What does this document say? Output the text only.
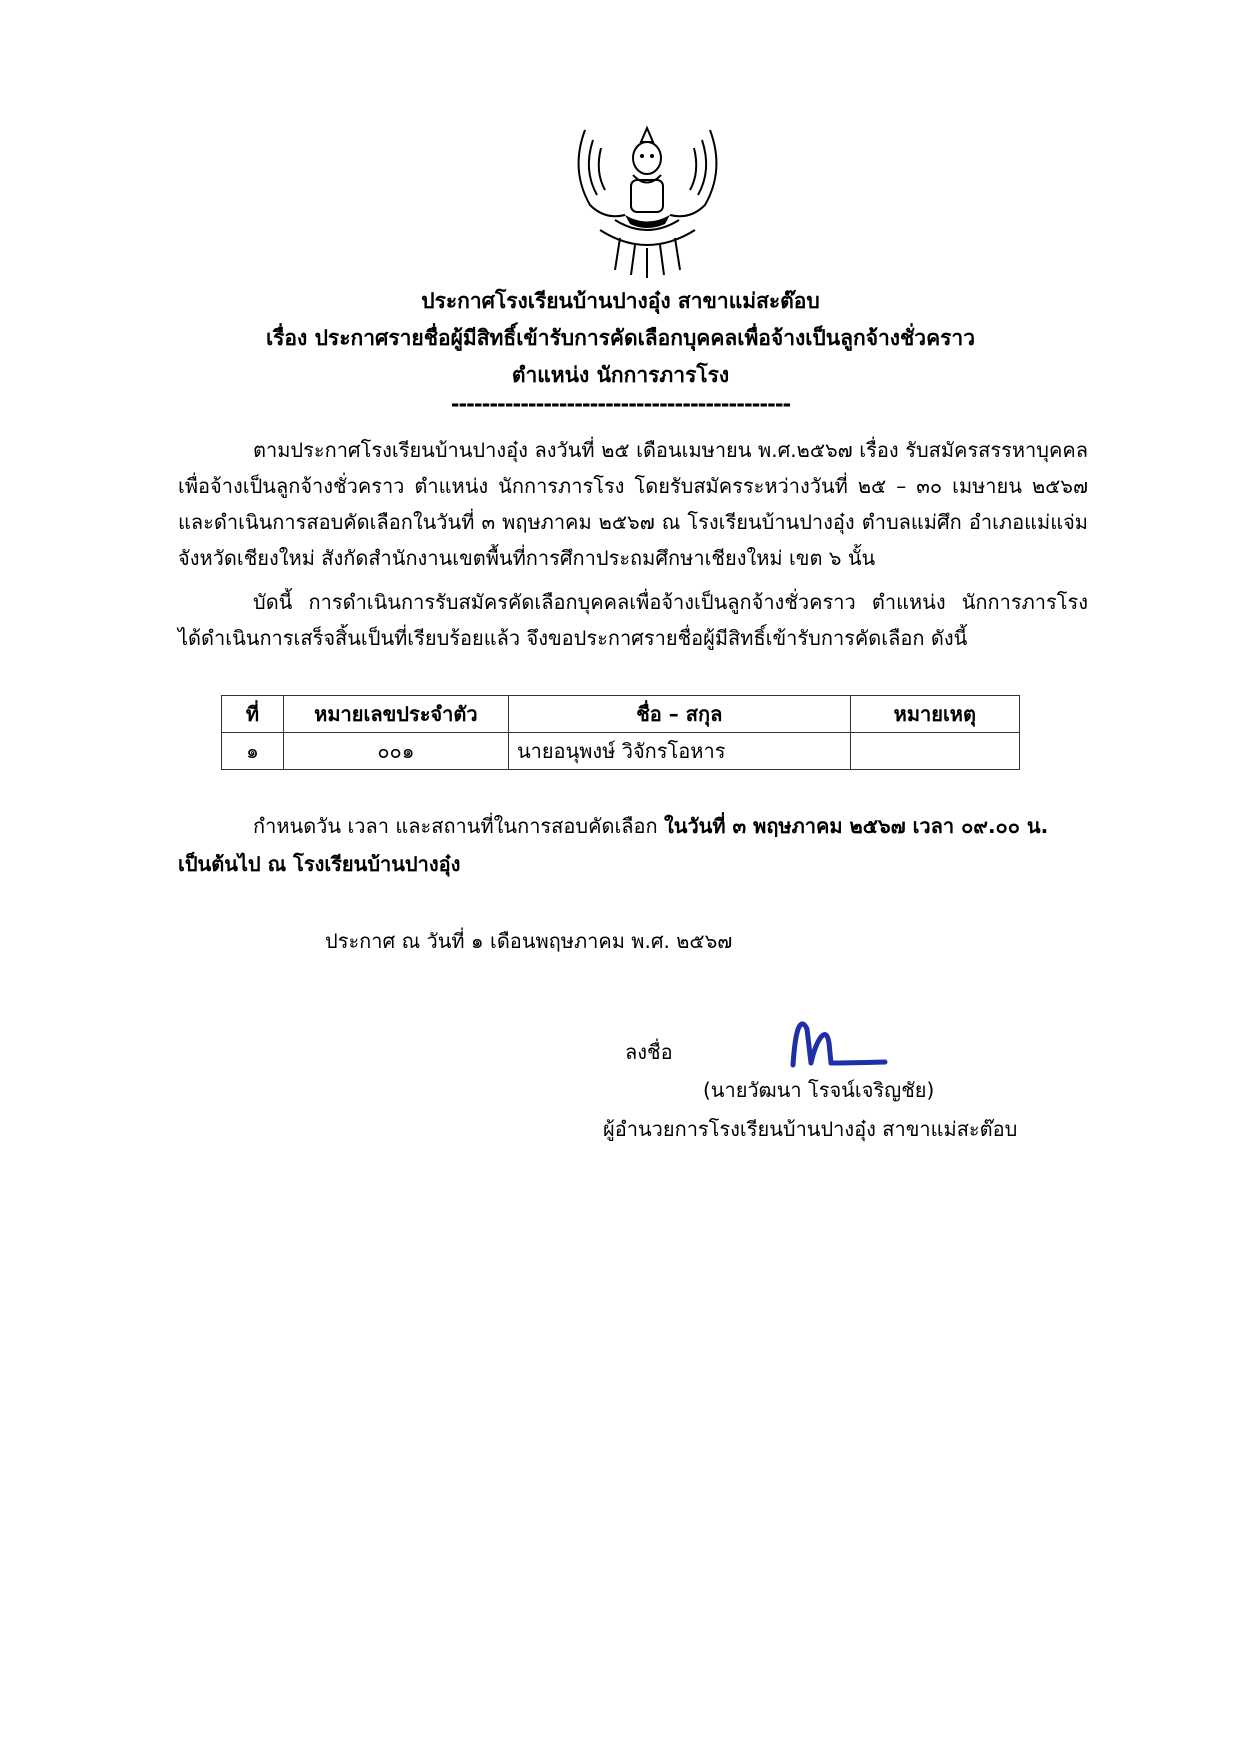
ประกาศโรงเรียนบ้านปางอุ๋ง สาขาแม่สะต๊อบ
เรื่อง ประกาศรายชื่อผู้มีสิทธิ์เข้ารับการคัดเลือกบุคคลเพื่อจ้างเป็นลูกจ้างชั่วคราว
ตำแหน่ง นักการภารโรง
--------------------------------------------
ตามประกาศโรงเรียนบ้านปางอุ๋ง ลงวันที่ ๒๕ เดือนเมษายน พ.ศ.๒๕๖๗ เรื่อง รับสมัครสรรหาบุคคลเพื่อจ้างเป็นลูกจ้างชั่วคราว ตำแหน่ง นักการภารโรง โดยรับสมัครระหว่างวันที่ ๒๕ – ๓๐ เมษายน ๒๕๖๗ และดำเนินการสอบคัดเลือกในวันที่ ๓ พฤษภาคม ๒๕๖๗ ณ โรงเรียนบ้านปางอุ๋ง ตำบลแม่ศึก อำเภอแม่แจ่ม จังหวัดเชียงใหม่ สังกัดสำนักงานเขตพื้นที่การศึกาประถมศึกษาเชียงใหม่ เขต ๖ นั้น
บัดนี้ การดำเนินการรับสมัครคัดเลือกบุคคลเพื่อจ้างเป็นลูกจ้างชั่วคราว ตำแหน่ง นักการภารโรง ได้ดำเนินการเสร็จสิ้นเป็นที่เรียบร้อยแล้ว จึงขอประกาศรายชื่อผู้มีสิทธิ์เข้ารับการคัดเลือก ดังนี้
ที่	หมายเลขประจำตัว	ชื่อ – สกุล	หมายเหตุ
๑	๐๐๑	นายอนุพงษ์ วิจักรโอหาร	
กำหนดวัน เวลา และสถานที่ในการสอบคัดเลือก ในวันที่ ๓ พฤษภาคม ๒๕๖๗ เวลา ๐๙.๐๐ น.
เป็นต้นไป ณ โรงเรียนบ้านปางอุ๋ง
ประกาศ ณ วันที่ ๑ เดือนพฤษภาคม พ.ศ. ๒๕๖๗
ลงชื่อ
(นายวัฒนา โรจน์เจริญชัย)
ผู้อำนวยการโรงเรียนบ้านปางอุ๋ง สาขาแม่สะต๊อบ
